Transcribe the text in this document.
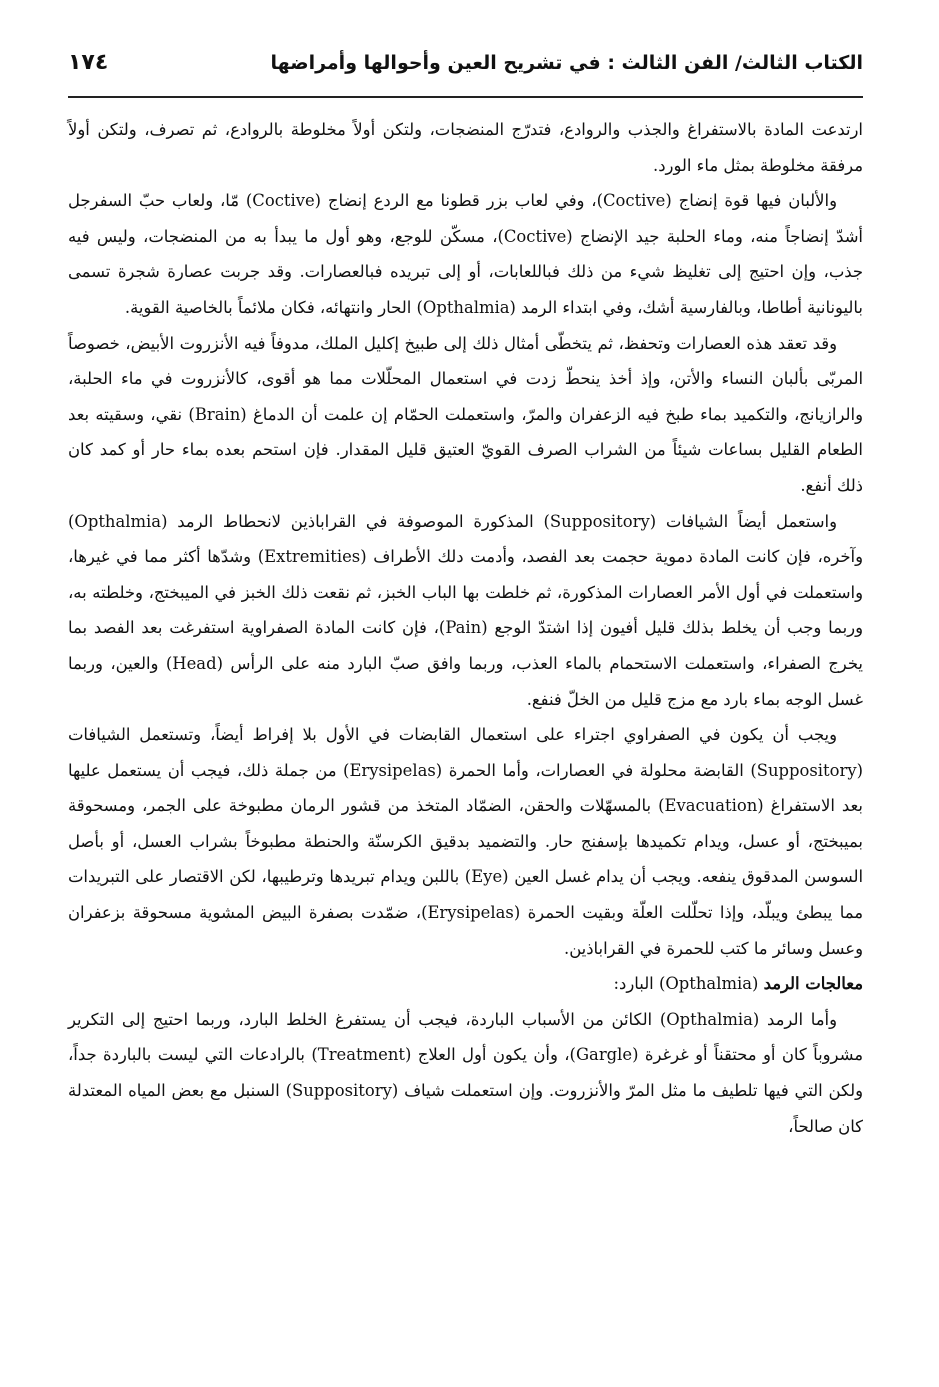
الكتاب الثالث/ الفن الثالث : في تشريح العين وأحوالها وأمراضها
١٧٤

ارتدعت المادة بالاستفراغ والجذب والروادع، فتدرّج المنضجات، ولتكن أولاً مخلوطة بالروادع، ثم تصرف، ولتكن أولاً مرفقة مخلوطة بمثل ماء الورد.

والألبان فيها قوة إنضاج (Coctive)، وفي لعاب بزر قطونا مع الردع إنضاج (Coctive) مّا، ولعاب حبّ السفرجل أشدّ إنضاجاً منه، وماء الحلبة جيد الإنضاج (Coctive)، مسكّن للوجع، وهو أول ما يبدأ به من المنضجات، وليس فيه جذب، وإن احتيج إلى تغليظ شيء من ذلك فباللعابات، أو إلى تبريده فبالعصارات. وقد جربت عصارة شجرة تسمى باليونانية أطاطا، وبالفارسية أشك، وفي ابتداء الرمد (Opthalmia) الحار وانتهائه، فكان ملائماً بالخاصية القوية.

وقد تعقد هذه العصارات وتحفظ، ثم يتخطّى أمثال ذلك إلى طبيخ إكليل الملك، مدوفاً فيه الأنزروت الأبيض، خصوصاً المربّى بألبان النساء والأتن، وإذ أخذ ينحطّ زدت في استعمال المحلّلات مما هو أقوى، كالأنزروت في ماء الحلبة، والرازيانج، والتكميد بماء طبخ فيه الزعفران والمرّ، واستعملت الحمّام إن علمت أن الدماغ (Brain) نقي، وسقيته بعد الطعام القليل بساعات شيئاً من الشراب الصرف القويّ العتيق قليل المقدار. فإن استحم بعده بماء حار أو كمد كان ذلك أنفع.

واستعمل أيضاً الشيافات (Suppository) المذكورة الموصوفة في القراباذين لانحطاط الرمد (Opthalmia) وآخره، فإن كانت المادة دموية حجمت بعد الفصد، وأدمت دلك الأطراف (Extremities) وشدّها أكثر مما في غيرها، واستعملت في أول الأمر العصارات المذكورة، ثم خلطت بها الباب الخبز، ثم نقعت ذلك الخبز في الميبختج، وخلطته به، وربما وجب أن يخلط بذلك قليل أفيون إذا اشتدّ الوجع (Pain)، فإن كانت المادة الصفراوية استفرغت بعد الفصد بما يخرج الصفراء، واستعملت الاستحمام بالماء العذب، وربما وافق صبّ البارد منه على الرأس (Head) والعين، وربما غسل الوجه بماء بارد مع مزج قليل من الخلّ فنفع.

ويجب أن يكون في الصفراوي اجتراء على استعمال القابضات في الأول بلا إفراط أيضاً، وتستعمل الشيافات (Suppository) القابضة محلولة في العصارات، وأما الحمرة (Erysipelas) من جملة ذلك، فيجب أن يستعمل عليها بعد الاستفراغ (Evacuation) بالمسهّلات والحقن، الضمّاد المتخذ من قشور الرمان مطبوخة على الجمر، ومسحوقة بميبختج، أو عسل، ويدام تكميدها بإسفنج حار. والتضميد بدقيق الكرسنّة والحنطة مطبوخاً بشراب العسل، أو بأصل السوسن المدقوق ينفعه. ويجب أن يدام غسل العين (Eye) باللبن ويدام تبريدها وترطيبها، لكن الاقتصار على التبريدات مما يبطئ ويبلّد، وإذا تحلّلت العلّة وبقيت الحمرة (Erysipelas)، ضمّدت بصفرة البيض المشوية مسحوقة بزعفران وعسل وسائر ما كتب للحمرة في القراباذين.

معالجات الرمد (Opthalmia) البارد:

وأما الرمد (Opthalmia) الكائن من الأسباب الباردة، فيجب أن يستفرغ الخلط البارد، وربما احتيج إلى التكرير مشروباً كان أو محتقناً أو غرغرة (Gargle)، وأن يكون أول العلاج (Treatment) بالرادعات التي ليست بالباردة جداً، ولكن التي فيها تلطيف ما مثل المرّ والأنزروت. وإن استعملت شياف (Suppository) السنبل مع بعض المياه المعتدلة كان صالحاً،
